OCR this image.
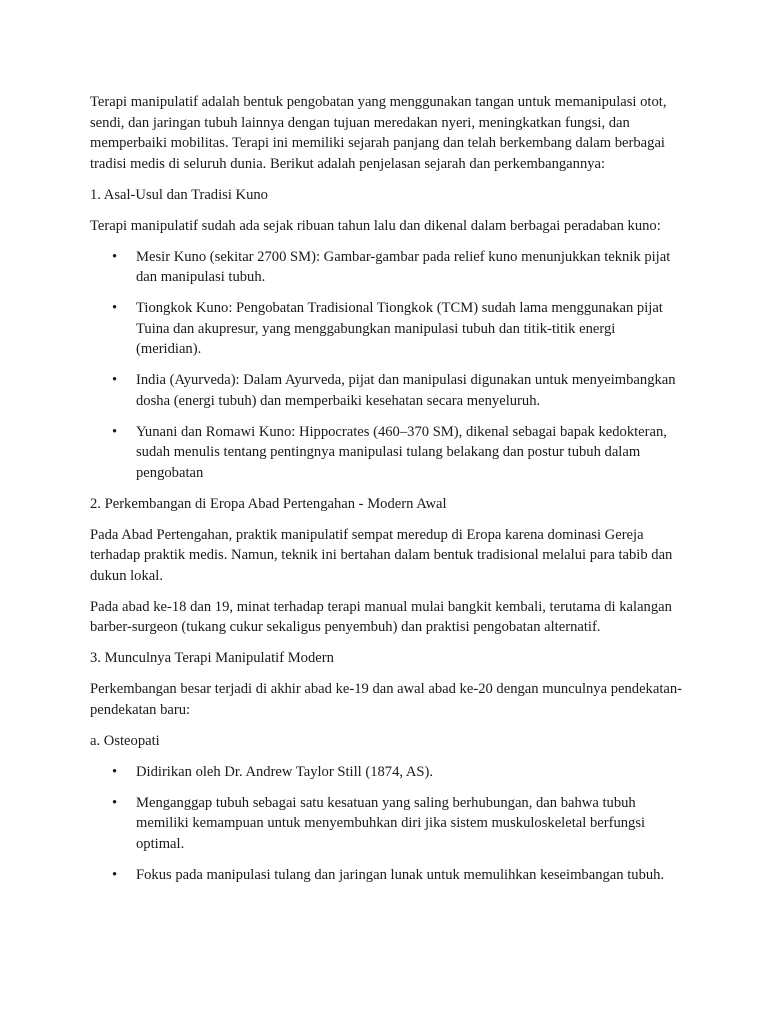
Terapi manipulatif adalah bentuk pengobatan yang menggunakan tangan untuk memanipulasi otot, sendi, dan jaringan tubuh lainnya dengan tujuan meredakan nyeri, meningkatkan fungsi, dan memperbaiki mobilitas. Terapi ini memiliki sejarah panjang dan telah berkembang dalam berbagai tradisi medis di seluruh dunia. Berikut adalah penjelasan sejarah dan perkembangannya:

1. Asal-Usul dan Tradisi Kuno

Terapi manipulatif sudah ada sejak ribuan tahun lalu dan dikenal dalam berbagai peradaban kuno:

• Mesir Kuno (sekitar 2700 SM): Gambar-gambar pada relief kuno menunjukkan teknik pijat dan manipulasi tubuh.
• Tiongkok Kuno: Pengobatan Tradisional Tiongkok (TCM) sudah lama menggunakan pijat Tuina dan akupresur, yang menggabungkan manipulasi tubuh dan titik-titik energi (meridian).
• India (Ayurveda): Dalam Ayurveda, pijat dan manipulasi digunakan untuk menyeimbangkan dosha (energi tubuh) dan memperbaiki kesehatan secara menyeluruh.
• Yunani dan Romawi Kuno: Hippocrates (460–370 SM), dikenal sebagai bapak kedokteran, sudah menulis tentang pentingnya manipulasi tulang belakang dan postur tubuh dalam pengobatan

2. Perkembangan di Eropa Abad Pertengahan - Modern Awal

Pada Abad Pertengahan, praktik manipulatif sempat meredup di Eropa karena dominasi Gereja terhadap praktik medis. Namun, teknik ini bertahan dalam bentuk tradisional melalui para tabib dan dukun lokal.

Pada abad ke-18 dan 19, minat terhadap terapi manual mulai bangkit kembali, terutama di kalangan barber-surgeon (tukang cukur sekaligus penyembuh) dan praktisi pengobatan alternatif.

3. Munculnya Terapi Manipulatif Modern

Perkembangan besar terjadi di akhir abad ke-19 dan awal abad ke-20 dengan munculnya pendekatan-pendekatan baru:

a. Osteopati

• Didirikan oleh Dr. Andrew Taylor Still (1874, AS).
• Menganggap tubuh sebagai satu kesatuan yang saling berhubungan, dan bahwa tubuh memiliki kemampuan untuk menyembuhkan diri jika sistem muskuloskeletal berfungsi optimal.
• Fokus pada manipulasi tulang dan jaringan lunak untuk memulihkan keseimbangan tubuh.
